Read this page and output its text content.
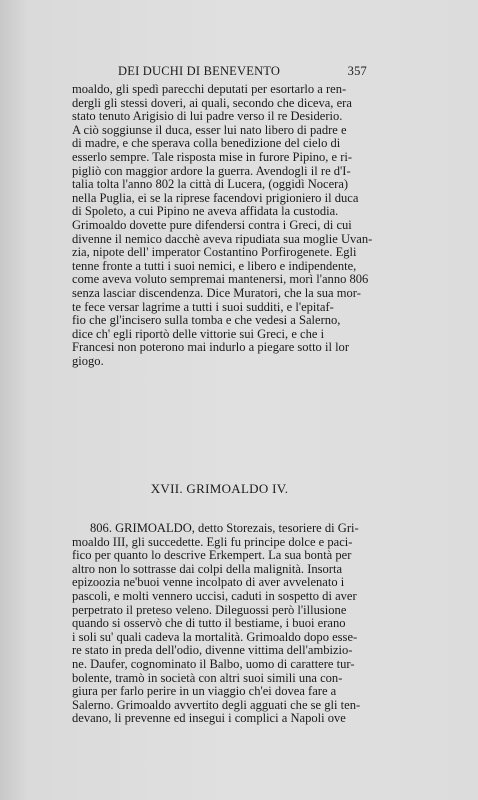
DEI DUCHI DI BENEVENTO	357
moaldo, gli spedì parecchi deputati per esortarlo a ren-
dergli gli stessi doveri, ai quali, secondo che diceva, era
stato tenuto Arigisio di lui padre verso il re Desiderio.
A ciò soggiunse il duca, esser lui nato libero di padre e
di madre, e che sperava colla benedizione del cielo di
esserlo sempre. Tale risposta mise in furore Pipino, e ri-
pigliò con maggior ardore la guerra. Avendogli il re d'I-
talia tolta l'anno 802 la città di Lucera, (oggidì Nocera)
nella Puglia, ei se la riprese facendovi prigioniero il duca
di Spoleto, a cui Pipino ne aveva affidata la custodia.
Grimoaldo dovette pure difendersi contra i Greci, di cui
divenne il nemico dacchè aveva ripudiata sua moglie Uvan-
zia, nipote dell' imperator Costantino Porfirogenete. Egli
tenne fronte a tutti i suoi nemici, e libero e indipendente,
come aveva voluto sempremai mantenersi, morì l'anno 806
senza lasciar discendenza. Dice Muratori, che la sua mor-
te fece versar lagrime a tutti i suoi sudditi, e l'epitaf-
fio che gl'incisero sulla tomba e che vedesi a Salerno,
dice ch' egli riportò delle vittorie sui Greci, e che i
Francesi non poterono mai indurlo a piegare sotto il lor
giogo.
XVII. GRIMOALDO IV.
806. GRIMOALDO, detto Storezais, tesoriere di Gri-
moaldo III, gli succedette. Egli fu principe dolce e paci-
fico per quanto lo descrive Erkempert. La sua bontà per
altro non lo sottrasse dai colpi della malignità. Insorta
epizoozia ne'buoi venne incolpato di aver avvelenato i
pascoli, e molti vennero uccisi, caduti in sospetto di aver
perpetrato il preteso veleno. Dileguossi però l'illusione
quando si osservò che di tutto il bestiame, i buoi erano
i soli su' quali cadeva la mortalità. Grimoaldo dopo esse-
re stato in preda dell'odio, divenne vittima dell'ambizio-
ne. Daufer, cognominato il Balbo, uomo di carattere tur-
bolente, tramò in società con altri suoi simili una con-
giura per farlo perire in un viaggio ch'ei dovea fare a
Salerno. Grimoaldo avvertito degli agguati che se gli ten-
devano, li prevenne ed insegui i complici a Napoli ove
